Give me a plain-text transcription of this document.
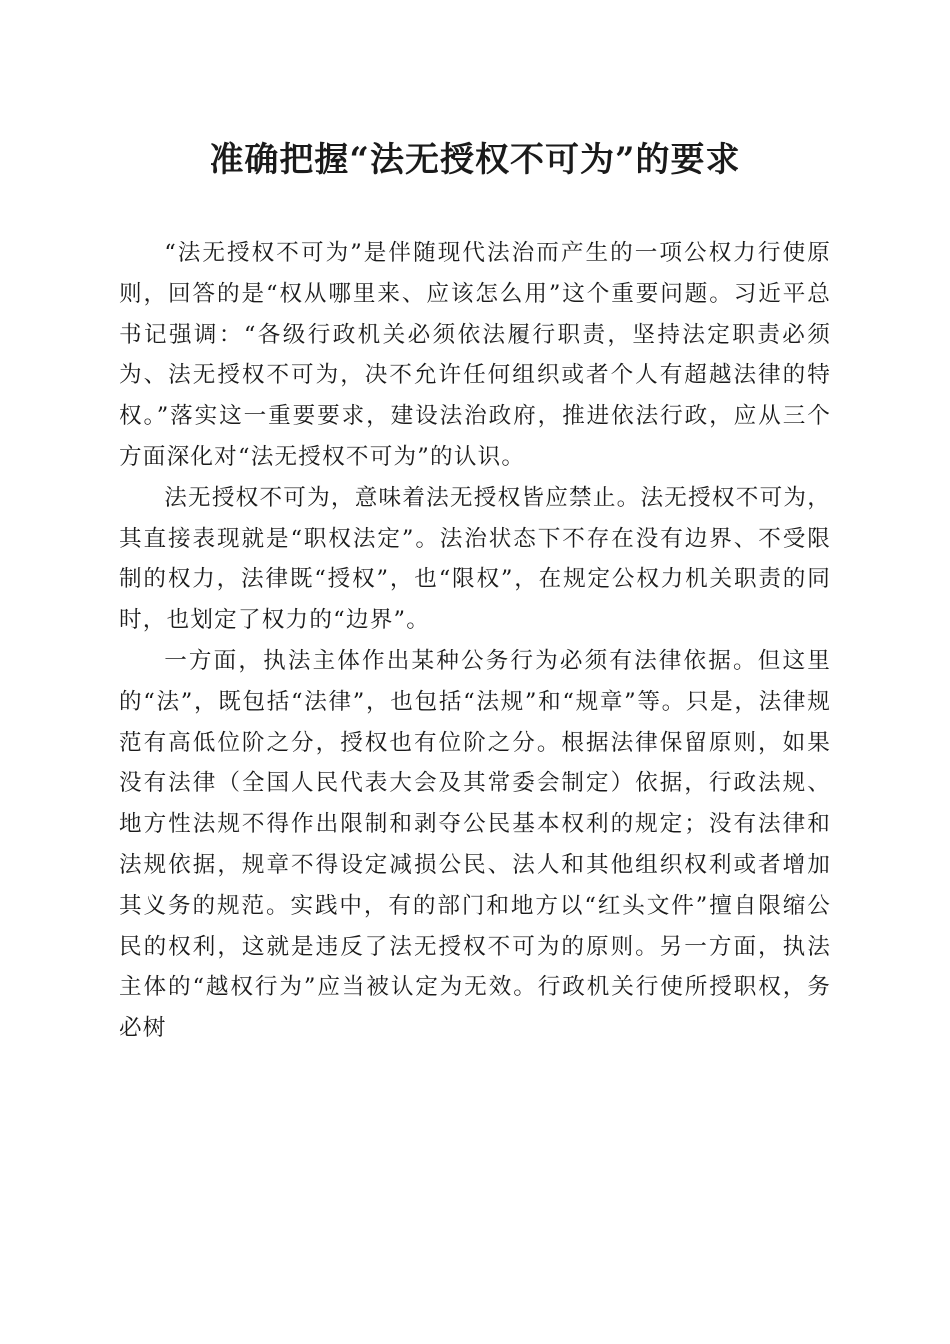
准确把握“法无授权不可为”的要求

“法无授权不可为”是伴随现代法治而产生的一项公权力行使原则，回答的是“权从哪里来、应该怎么用”这个重要问题。习近平总书记强调：“各级行政机关必须依法履行职责，坚持法定职责必须为、法无授权不可为，决不允许任何组织或者个人有超越法律的特权。”落实这一重要要求，建设法治政府，推进依法行政，应从三个方面深化对“法无授权不可为”的认识。

法无授权不可为，意味着法无授权皆应禁止。法无授权不可为，其直接表现就是“职权法定”。法治状态下不存在没有边界、不受限制的权力，法律既“授权”，也“限权”，在规定公权力机关职责的同时，也划定了权力的“边界”。

一方面，执法主体作出某种公务行为必须有法律依据。但这里的“法”，既包括“法律”，也包括“法规”和“规章”等。只是，法律规范有高低位阶之分，授权也有位阶之分。根据法律保留原则，如果没有法律（全国人民代表大会及其常委会制定）依据，行政法规、地方性法规不得作出限制和剥夺公民基本权利的规定；没有法律和法规依据，规章不得设定减损公民、法人和其他组织权利或者增加其义务的规范。实践中，有的部门和地方以“红头文件”擅自限缩公民的权利，这就是违反了法无授权不可为的原则。另一方面，执法主体的“越权行为”应当被认定为无效。行政机关行使所授职权，务必树
